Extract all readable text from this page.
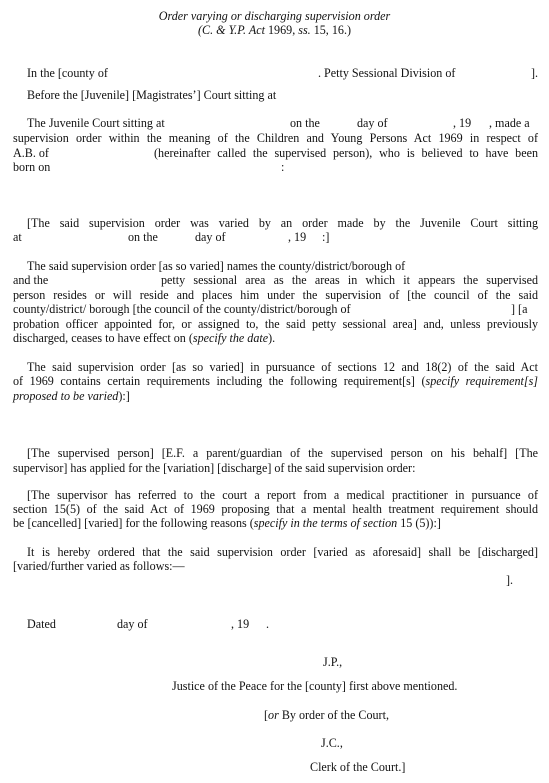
Order varying or discharging supervision order
(C. & Y.P. Act 1969, ss. 15, 16.)
In the [county of	. Petty Sessional Division of	].
Before the [Juvenile] [Magistrates’] Court sitting at
The Juvenile Court sitting at	on the	day of	, 19 , made a
supervision order within the meaning of the Children and Young Persons Act 1969 in respect of
A.B. of	(hereinafter called the supervised person), who is believed to have been
born on	:
[The said supervision order was varied by an order made by the Juvenile Court sitting
at	on the	day of	, 19 :]
The said supervision order [as so varied] names the county/district/borough of
and the	petty sessional area as the areas in which it appears the supervised
person resides or will reside and places him under the supervision of [the council of the said
county/district/ borough [the council of the county/district/borough of	] [a
probation officer appointed for, or assigned to, the said petty sessional area] and, unless previously
discharged, ceases to have effect on (specify the date).
The said supervision order [as so varied] in pursuance of sections 12 and 18(2) of the said Act
of 1969 contains certain requirements including the following requirement[s] (specify requirement[s]
proposed to be varied):]
[The supervised person] [E.F. a parent/guardian of the supervised person on his behalf] [The
supervisor] has applied for the [variation] [discharge] of the said supervision order:
[The supervisor has referred to the court a report from a medical practitioner in pursuance of
section 15(5) of the said Act of 1969 proposing that a mental health treatment requirement should
be [cancelled] [varied] for the following reasons (specify in the terms of section 15 (5)):]
It is hereby ordered that the said supervision order [varied as aforesaid] shall be [discharged]
[varied/further varied as follows:—
].
Dated	day of	, 19 .
J.P.,
Justice of the Peace for the [county] first above mentioned.
[or By order of the Court,
J.C.,
Clerk of the Court.]
